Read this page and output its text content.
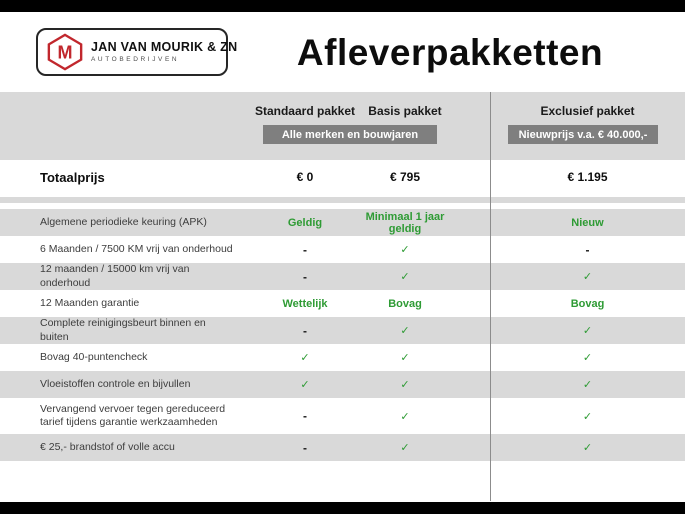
M JAN VAN MOURIK & ZN
AUTOBEDRIJVEN	Afleverpakketten
Standaard pakket	Basis pakket	Exclusief pakket
Alle merken en bouwjaren	Nieuwprijs v.a. € 40.000,-
Totaalprijs	€ 0	€ 795	€ 1.195
Algemene periodieke keuring (APK)	Geldig	Minimaal 1 jaar geldig	Nieuw
6 Maanden / 7500 KM vrij van onderhoud	-	✓	-
12 maanden / 15000 km vrij van onderhoud	-	✓	✓
12 Maanden garantie	Wettelijk	Bovag	Bovag
Complete reinigingsbeurt binnen en buiten	-	✓	✓
Bovag 40-puntencheck	✓	✓	✓
Vloeistoffen controle en bijvullen	✓	✓	✓
Vervangend vervoer tegen gereduceerd tarief tijdens garantie werkzaamheden	-	✓	✓
€ 25,- brandstof of volle accu	-	✓	✓
